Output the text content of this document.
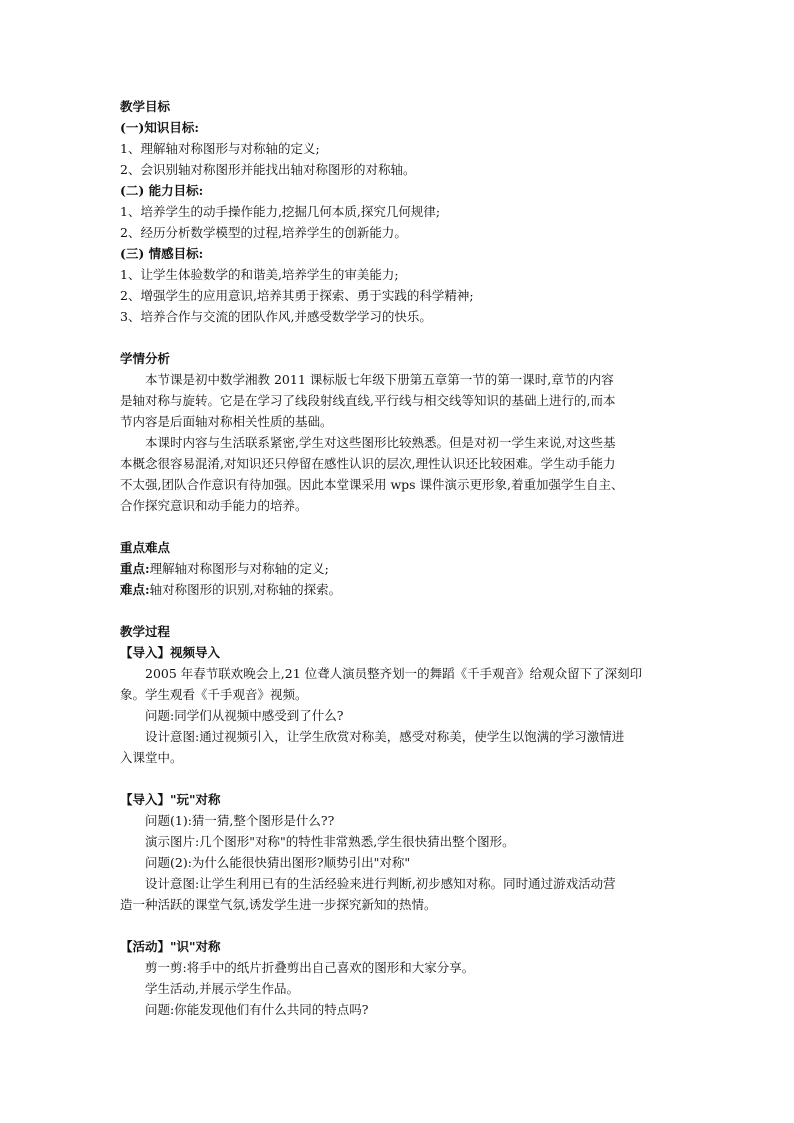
教学目标
(一)知识目标:
1、理解轴对称图形与对称轴的定义;
2、会识别轴对称图形并能找出轴对称图形的对称轴。
(二) 能力目标:
1、培养学生的动手操作能力,挖掘几何本质,探究几何规律;
2、经历分析数学模型的过程,培养学生的创新能力。
(三) 情感目标:
1、让学生体验数学的和谐美,培养学生的审美能力;
2、增强学生的应用意识,培养其勇于探索、勇于实践的科学精神;
3、培养合作与交流的团队作风,并感受数学学习的快乐。
学情分析
本节课是初中数学湘教 2011 课标版七年级下册第五章第一节的第一课时,章节的内容
是轴对称与旋转。它是在学习了线段射线直线,平行线与相交线等知识的基础上进行的,而本
节内容是后面轴对称相关性质的基础。
本课时内容与生活联系紧密,学生对这些图形比较熟悉。但是对初一学生来说,对这些基
本概念很容易混淆,对知识还只停留在感性认识的层次,理性认识还比较困难。学生动手能力
不太强,团队合作意识有待加强。因此本堂课采用 wps 课件演示更形象,着重加强学生自主、
合作探究意识和动手能力的培养。
重点难点
重点:理解轴对称图形与对称轴的定义;
难点:轴对称图形的识别,对称轴的探索。
教学过程
【导入】视频导入
2005 年春节联欢晚会上,21 位聋人演员整齐划一的舞蹈《千手观音》给观众留下了深刻印
象。学生观看《千手观音》视频。
问题:同学们从视频中感受到了什么?
设计意图:通过视频引入，让学生欣赏对称美，感受对称美，使学生以饱满的学习激情进
入课堂中。
【导入】"玩"对称
问题(1):猜一猜,整个图形是什么??
演示图片:几个图形"对称"的特性非常熟悉,学生很快猜出整个图形。
问题(2):为什么能很快猜出图形?顺势引出"对称"
设计意图:让学生利用已有的生活经验来进行判断,初步感知对称。同时通过游戏活动营
造一种活跃的课堂气氛,诱发学生进一步探究新知的热情。
【活动】"识"对称
剪一剪:将手中的纸片折叠剪出自己喜欢的图形和大家分享。
学生活动,并展示学生作品。
问题:你能发现他们有什么共同的特点吗?
